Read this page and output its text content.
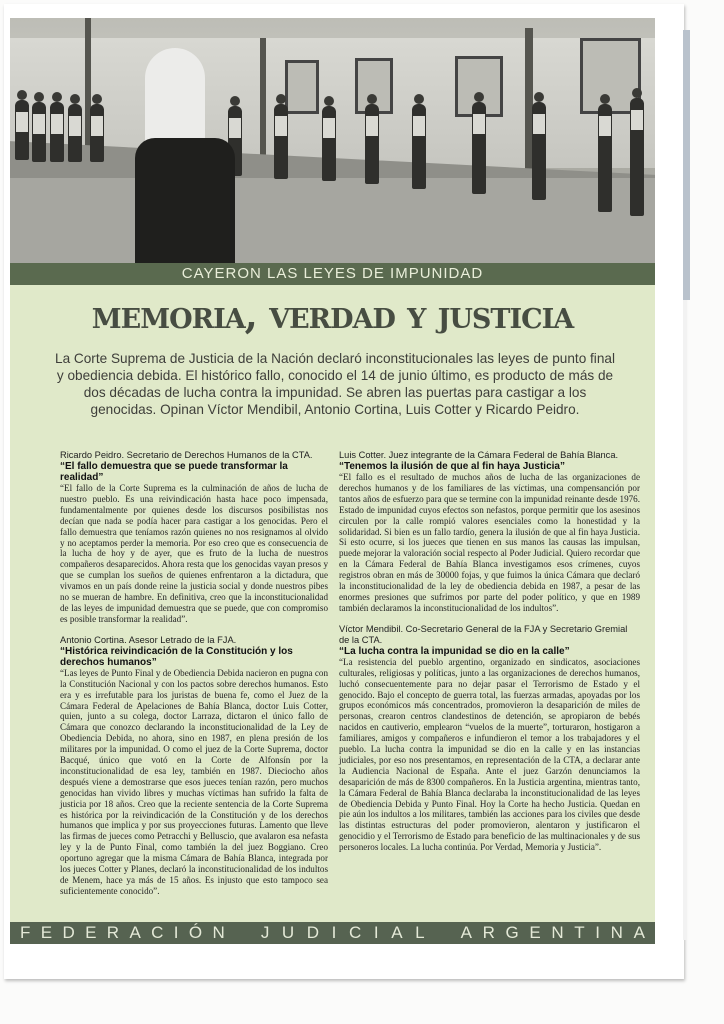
CAYERON LAS LEYES DE IMPUNIDAD
memoria, verdad y justicia
La Corte Suprema de Justicia de la Nación declaró inconstitucionales las leyes de punto final y obediencia debida. El histórico fallo, conocido el 14 de junio último, es producto de más de dos décadas de lucha contra la impunidad. Se abren las puertas para castigar a los genocidas. Opinan Víctor Mendibil, Antonio Cortina, Luis Cotter y Ricardo Peidro.
Ricardo Peidro. Secretario de Derechos Humanos de la CTA.
“El fallo demuestra que se puede transformar la realidad”

“El fallo de la Corte Suprema es la culminación de años de lucha de nuestro pueblo. Es una reivindicación hasta hace poco impensada, fundamentalmente por quienes desde los discursos posibilistas nos decían que nada se podía hacer para castigar a los genocidas. Pero el fallo demuestra que teníamos razón quienes no nos resignamos al olvido y no aceptamos perder la memoria. Por eso creo que es consecuencia de la lucha de hoy y de ayer, que es fruto de la lucha de nuestros compañeros desaparecidos. Ahora resta que los genocidas vayan presos y que se cumplan los sueños de quienes enfrentaron a la dictadura, que vivamos en un país donde reine la justicia social y donde nuestros pibes no se mueran de hambre. En definitiva, creo que la inconstitucionalidad de las leyes de impunidad demuestra que se puede, que con compromiso es posible transformar la realidad”.

Antonio Cortina. Asesor Letrado de la FJA.
“Histórica reivindicación de la Constitución y los derechos humanos”

“Las leyes de Punto Final y de Obediencia Debida nacieron en pugna con la Constitución Nacional y con los pactos sobre derechos humanos. Esto era y es irrefutable para los juristas de buena fe, como el Juez de la Cámara Federal de Apelaciones de Bahía Blanca, doctor Luis Cotter, quien, junto a su colega, doctor Larraza, dictaron el único fallo de Cámara que conozco declarando la inconstitucionalidad de la Ley de Obediencia Debida, no ahora, sino en 1987, en plena presión de los militares por la impunidad. O como el juez de la Corte Suprema, doctor Bacqué, único que votó en la Corte de Alfonsín por la inconstitucionalidad de esa ley, también en 1987. Dieciocho años después viene a demostrarse que esos jueces tenían razón, pero muchos genocidas han vivido libres y muchas víctimas han sufrido la falta de justicia por 18 años. Creo que la reciente sentencia de la Corte Suprema es histórica por la reivindicación de la Constitución y de los derechos humanos que implica y por sus proyecciones futuras. Lamento que lleve las firmas de jueces como Petracchi y Belluscio, que avalaron esa nefasta ley y la de Punto Final, como también la del juez Boggiano. Creo oportuno agregar que la misma Cámara de Bahía Blanca, integrada por los jueces Cotter y Planes, declaró la inconstitucionalidad de los indultos de Menem, hace ya más de 15 años. Es injusto que esto tampoco sea suficientemente conocido”.

Luis Cotter. Juez integrante de la Cámara Federal de Bahía Blanca.
“Tenemos la ilusión de que al fin haya Justicia”

“El fallo es el resultado de muchos años de lucha de las organizaciones de derechos humanos y de los familiares de las víctimas, una compensanción por tantos años de esfuerzo para que se termine con la impunidad reinante desde 1976. Estado de impunidad cuyos efectos son nefastos, porque permitir que los asesinos circulen por la calle rompió valores esenciales como la honestidad y la solidaridad. Si bien es un fallo tardío, genera la ilusión de que al fin haya Justicia. Si esto ocurre, si los jueces que tienen en sus manos las causas las impulsan, puede mejorar la valoración social respecto al Poder Judicial. Quiero recordar que en la Cámara Federal de Bahía Blanca investigamos esos crímenes, cuyos registros obran en más de 30000 fojas, y que fuimos la única Cámara que declaró la inconstitucionalidad de la ley de obediencia debida en 1987, a pesar de las enormes presiones que sufrimos por parte del poder político, y que en 1989 también declaramos la inconstitucionalidad de los indultos”.

Víctor Mendibil. Co-Secretario General de la FJA y Secretario Gremial de la CTA.
“La lucha contra la impunidad se dio en la calle”

“La resistencia del pueblo argentino, organizado en sindicatos, asociaciones culturales, religiosas y políticas, junto a las organizaciones de derechos humanos, luchó consecuentemente para no dejar pasar el Terrorismo de Estado y el genocido. Bajo el concepto de guerra total, las fuerzas armadas, apoyadas por los grupos económicos más concentrados, promovieron la desaparición de miles de personas, crearon centros clandestinos de detención, se apropiaron de bebés nacidos en cautiverio, emplearon “vuelos de la muerte”, torturaron, hostigaron a familiares, amigos y compañeros e infundieron el temor a los trabajadores y el pueblo. La lucha contra la impunidad se dio en la calle y en las instancias judiciales, por eso nos presentamos, en representación de la CTA, a declarar ante la Audiencia Nacional de España. Ante el juez Garzón denunciamos la desaparición de más de 8300 compañeros. En la Justicia argentina, mientras tanto, la Cámara Federal de Bahía Blanca declaraba la inconstitucionalidad de las leyes de Obediencia Debida y Punto Final. Hoy la Corte ha hecho Justicia. Quedan en pie aún los indultos a los militares, también las acciones para los civiles que desde las distintas estructuras del poder promovieron, alentaron y justificaron el genocidio y el Terrorismo de Estado para beneficio de las multinacionales y de sus personeros locales. La lucha continúa. Por Verdad, Memoria y Justicia”.

F E D E R A C I Ó N J U D I C I A L A R G E N T I N A
